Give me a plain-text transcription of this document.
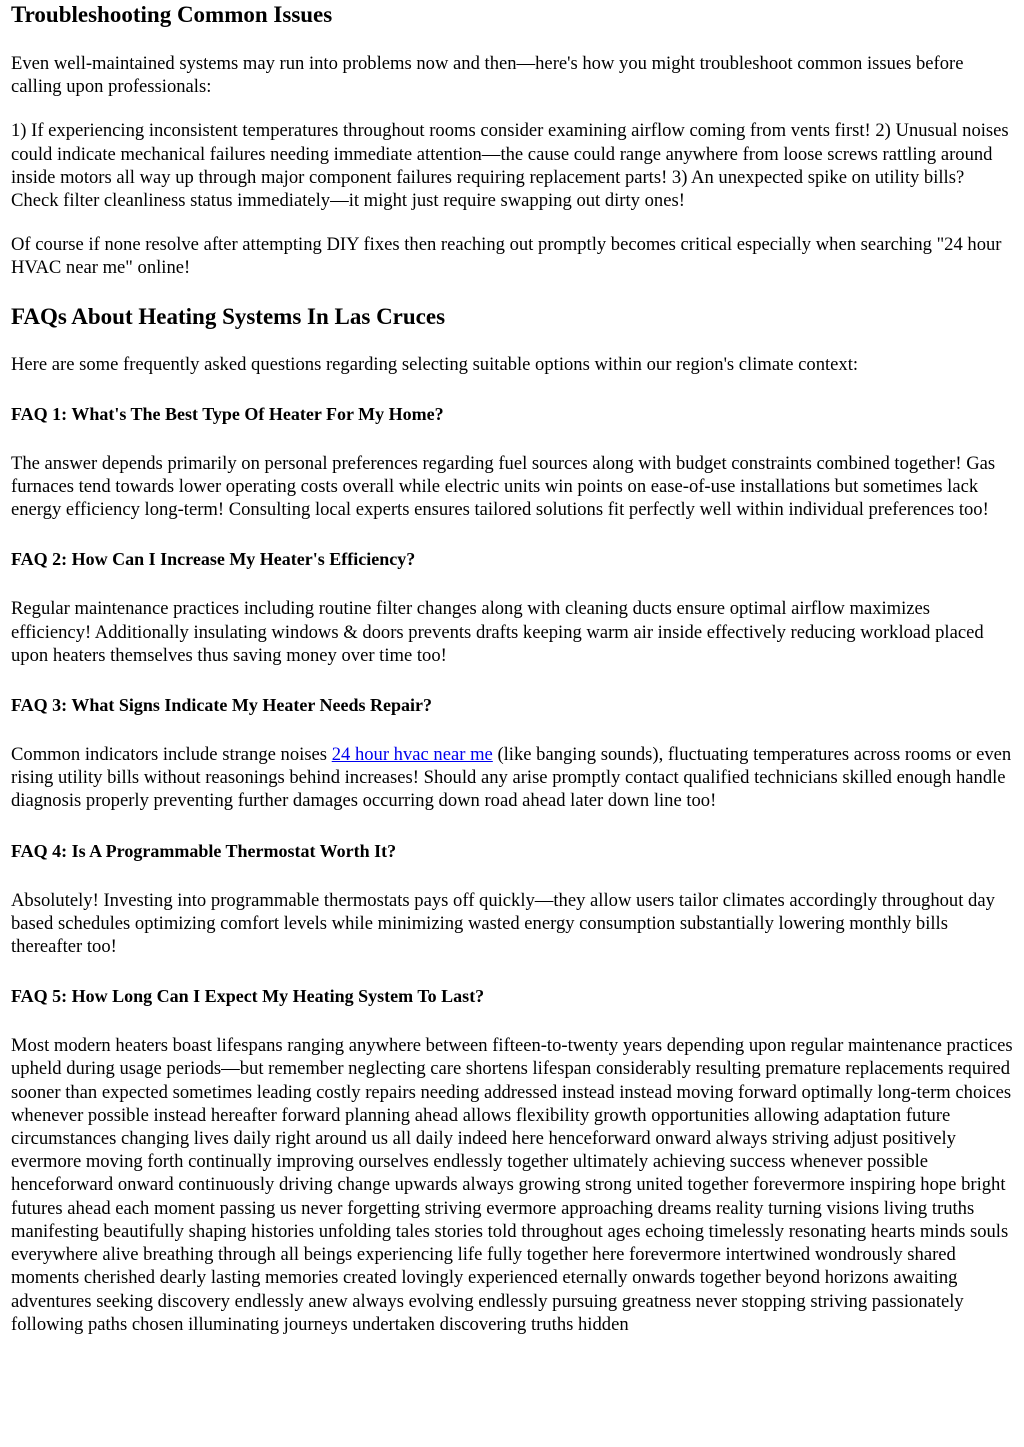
Troubleshooting Common Issues

Even well-maintained systems may run into problems now and then—here's how you might troubleshoot common issues before calling upon professionals:

1) If experiencing inconsistent temperatures throughout rooms consider examining airflow coming from vents first! 2) Unusual noises could indicate mechanical failures needing immediate attention—the cause could range anywhere from loose screws rattling around inside motors all way up through major component failures requiring replacement parts! 3) An unexpected spike on utility bills? Check filter cleanliness status immediately—it might just require swapping out dirty ones!

Of course if none resolve after attempting DIY fixes then reaching out promptly becomes critical especially when searching "24 hour HVAC near me" online!

FAQs About Heating Systems In Las Cruces

Here are some frequently asked questions regarding selecting suitable options within our region's climate context:

FAQ 1: What's The Best Type Of Heater For My Home?

The answer depends primarily on personal preferences regarding fuel sources along with budget constraints combined together! Gas furnaces tend towards lower operating costs overall while electric units win points on ease-of-use installations but sometimes lack energy efficiency long-term! Consulting local experts ensures tailored solutions fit perfectly well within individual preferences too!

FAQ 2: How Can I Increase My Heater's Efficiency?

Regular maintenance practices including routine filter changes along with cleaning ducts ensure optimal airflow maximizes efficiency! Additionally insulating windows & doors prevents drafts keeping warm air inside effectively reducing workload placed upon heaters themselves thus saving money over time too!

FAQ 3: What Signs Indicate My Heater Needs Repair?

Common indicators include strange noises 24 hour hvac near me (like banging sounds), fluctuating temperatures across rooms or even rising utility bills without reasonings behind increases! Should any arise promptly contact qualified technicians skilled enough handle diagnosis properly preventing further damages occurring down road ahead later down line too!

FAQ 4: Is A Programmable Thermostat Worth It?

Absolutely! Investing into programmable thermostats pays off quickly—they allow users tailor climates accordingly throughout day based schedules optimizing comfort levels while minimizing wasted energy consumption substantially lowering monthly bills thereafter too!

FAQ 5: How Long Can I Expect My Heating System To Last?

Most modern heaters boast lifespans ranging anywhere between fifteen-to-twenty years depending upon regular maintenance practices upheld during usage periods—but remember neglecting care shortens lifespan considerably resulting premature replacements required sooner than expected sometimes leading costly repairs needing addressed instead instead moving forward optimally long-term choices whenever possible instead hereafter forward planning ahead allows flexibility growth opportunities allowing adaptation future circumstances changing lives daily right around us all daily indeed here henceforward onward always striving adjust positively evermore moving forth continually improving ourselves endlessly together ultimately achieving success whenever possible henceforward onward continuously driving change upwards always growing strong united together forevermore inspiring hope bright futures ahead each moment passing us never forgetting striving evermore approaching dreams reality turning visions living truths manifesting beautifully shaping histories unfolding tales stories told throughout ages echoing timelessly resonating hearts minds souls everywhere alive breathing through all beings experiencing life fully together here forevermore intertwined wondrously shared moments cherished dearly lasting memories created lovingly experienced eternally onwards together beyond horizons awaiting adventures seeking discovery endlessly anew always evolving endlessly pursuing greatness never stopping striving passionately following paths chosen illuminating journeys undertaken discovering truths hidden
